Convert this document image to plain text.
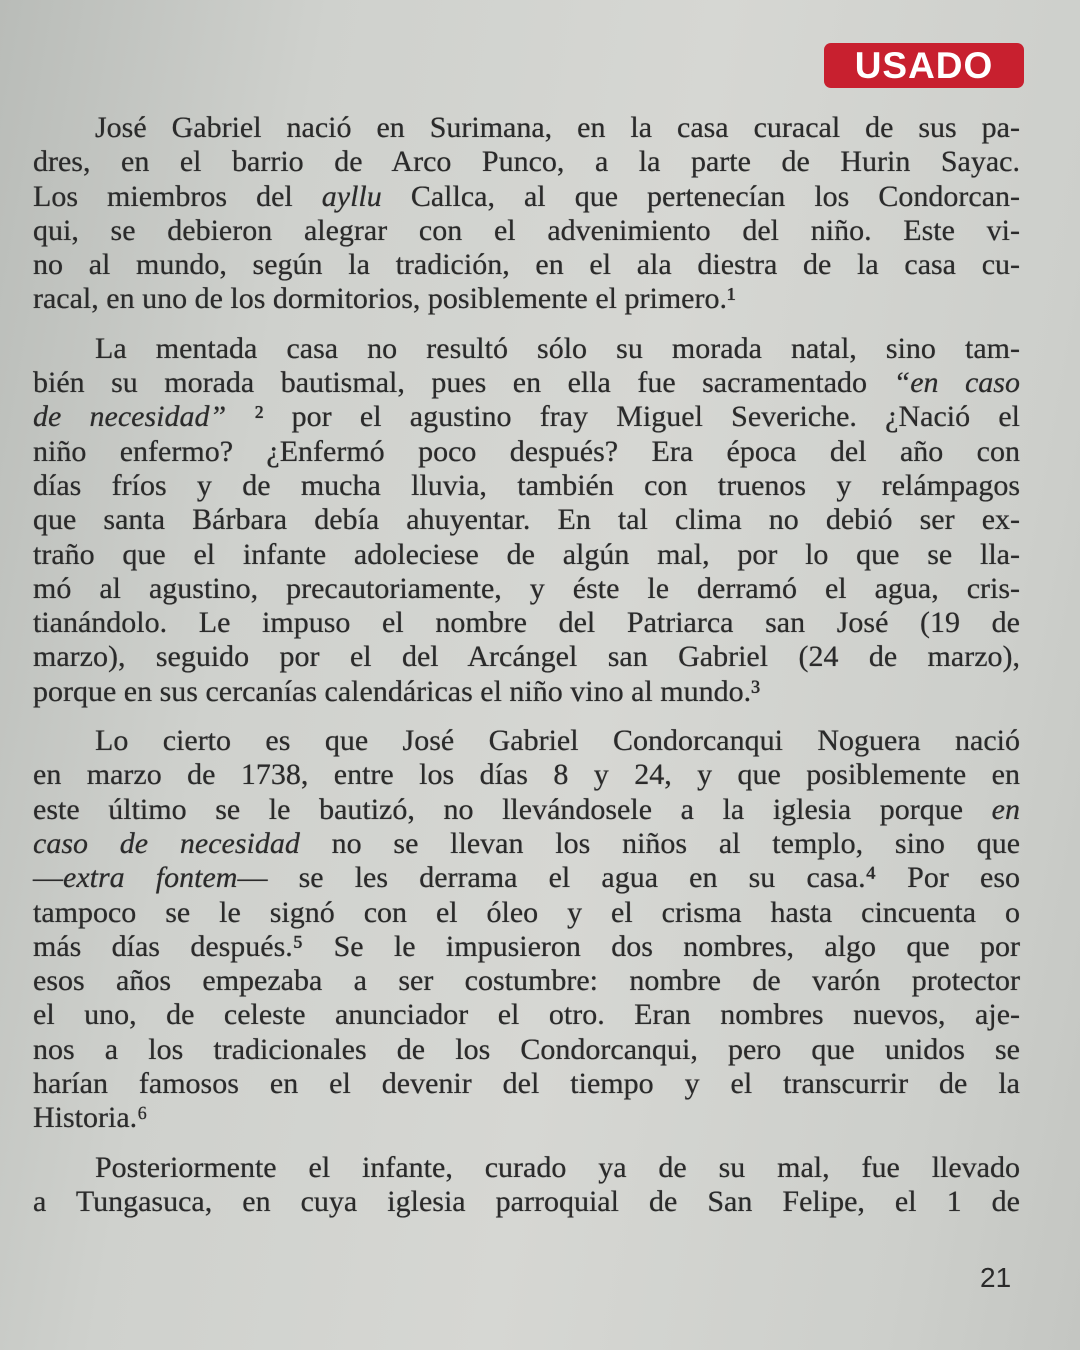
USADO
José Gabriel nació en Surimana, en la casa curacal de sus pa-
dres, en el barrio de Arco Punco, a la parte de Hurin Sayac.
Los miembros del ayllu Callca, al que pertenecían los Condorcan-
qui, se debieron alegrar con el advenimiento del niño. Este vi-
no al mundo, según la tradición, en el ala diestra de la casa cu-
racal, en uno de los dormitorios, posiblemente el primero.¹
La mentada casa no resultó sólo su morada natal, sino tam-
bién su morada bautismal, pues en ella fue sacramentado “en caso
de necesidad” ² por el agustino fray Miguel Severiche. ¿Nació el
niño enfermo? ¿Enfermó poco después? Era época del año con
días fríos y de mucha lluvia, también con truenos y relámpagos
que santa Bárbara debía ahuyentar. En tal clima no debió ser ex-
traño que el infante adoleciese de algún mal, por lo que se lla-
mó al agustino, precautoriamente, y éste le derramó el agua, cris-
tianándolo. Le impuso el nombre del Patriarca san José (19 de
marzo), seguido por el del Arcángel san Gabriel (24 de marzo),
porque en sus cercanías calendáricas el niño vino al mundo.³
Lo cierto es que José Gabriel Condorcanqui Noguera nació
en marzo de 1738, entre los días 8 y 24, y que posiblemente en
este último se le bautizó, no llevándosele a la iglesia porque en
caso de necesidad no se llevan los niños al templo, sino que
—extra fontem— se les derrama el agua en su casa.⁴ Por eso
tampoco se le signó con el óleo y el crisma hasta cincuenta o
más días después.⁵ Se le impusieron dos nombres, algo que por
esos años empezaba a ser costumbre: nombre de varón protector
el uno, de celeste anunciador el otro. Eran nombres nuevos, aje-
nos a los tradicionales de los Condorcanqui, pero que unidos se
harían famosos en el devenir del tiempo y el transcurrir de la
Historia.⁶
Posteriormente el infante, curado ya de su mal, fue llevado
a Tungasuca, en cuya iglesia parroquial de San Felipe, el 1 de
21
